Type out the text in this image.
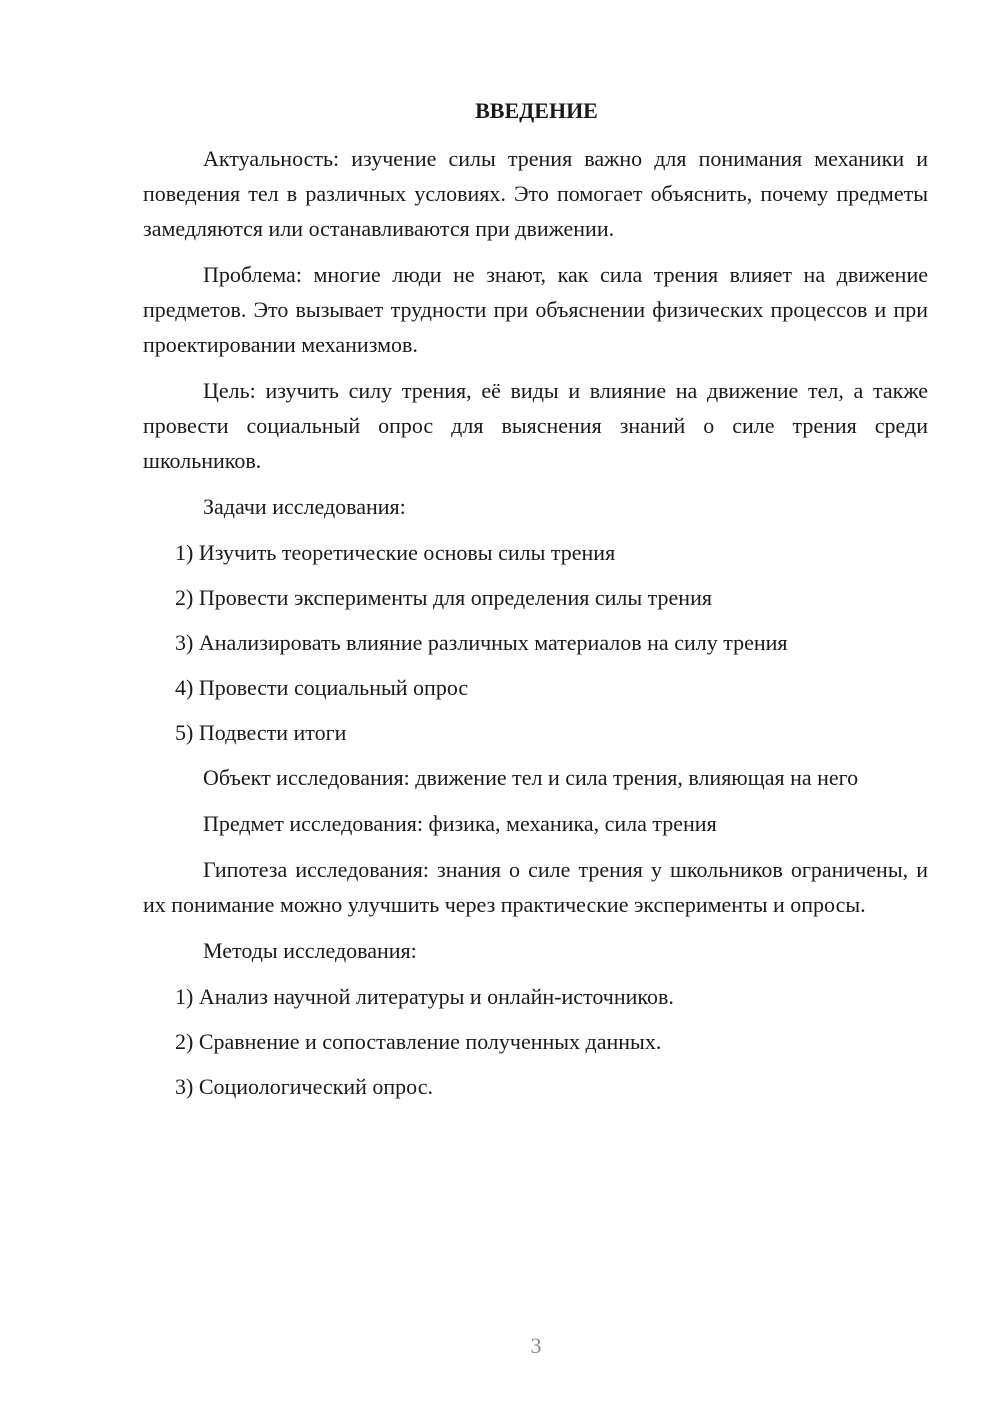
ВВЕДЕНИЕ

Актуальность: изучение силы трения важно для понимания механики и поведения тел в различных условиях. Это помогает объяснить, почему предметы замедляются или останавливаются при движении.

Проблема: многие люди не знают, как сила трения влияет на движение предметов. Это вызывает трудности при объяснении физических процессов и при проектировании механизмов.

Цель: изучить силу трения, её виды и влияние на движение тел, а также провести социальный опрос для выяснения знаний о силе трения среди школьников.

Задачи исследования:

1) Изучить теоретические основы силы трения
2) Провести эксперименты для определения силы трения
3) Анализировать влияние различных материалов на силу трения
4) Провести социальный опрос
5) Подвести итоги

Объект исследования: движение тел и сила трения, влияющая на него

Предмет исследования: физика, механика, сила трения

Гипотеза исследования: знания о силе трения у школьников ограничены, и их понимание можно улучшить через практические эксперименты и опросы.

Методы исследования:

1) Анализ научной литературы и онлайн-источников.
2) Сравнение и сопоставление полученных данных.
3) Социологический опрос.
3
